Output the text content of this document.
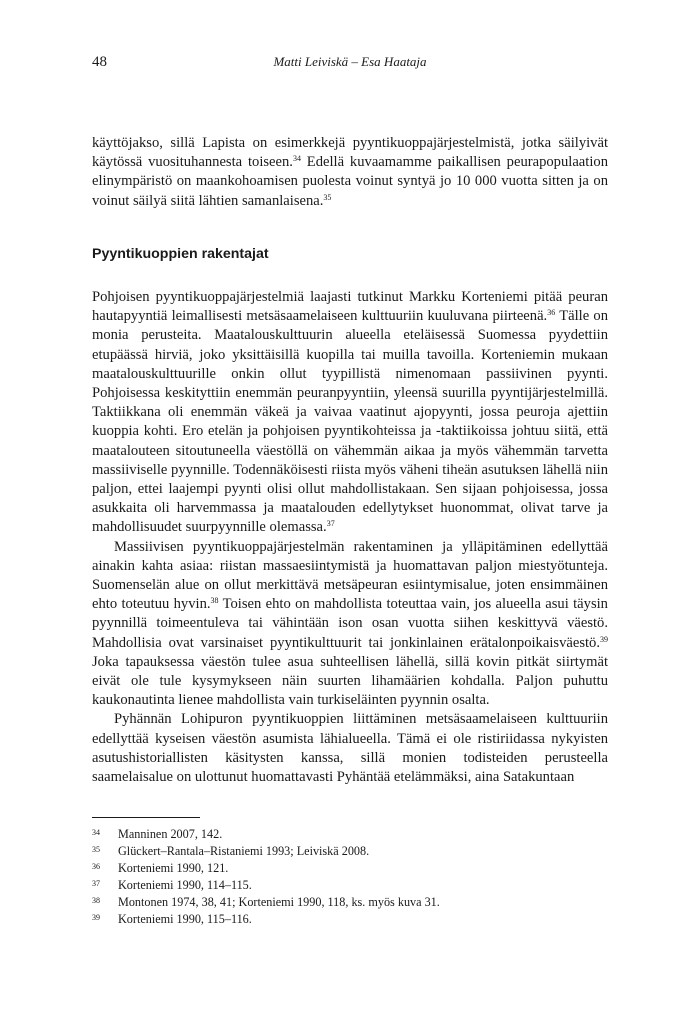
48	Matti Leiviskä – Esa Haataja

käyttöjakso, sillä Lapista on esimerkkejä pyyntikuoppajärjestelmistä, jotka säilyivät käytössä vuosituhannesta toiseen.$^{34}$ Edellä kuvaamamme paikallisen peurapopulaation elinympäristö on maankohoamisen puolesta voinut syntyä jo 10 000 vuotta sitten ja on voinut säilyä siitä lähtien samanlaisena.$^{35}$

Pyyntikuoppien rakentajat

Pohjoisen pyyntikuoppajärjestelmiä laajasti tutkinut Markku Korteniemi pitää peuran hautapyyntiä leimallisesti metsäsaamelaiseen kulttuuriin kuuluvana piirteenä.$^{36}$ Tälle on monia perusteita. Maatalouskulttuurin alueella eteläisessä Suomessa pyydettiin etupäässä hirviä, joko yksittäisillä kuopilla tai muilla tavoilla. Korteniemin mukaan maatalouskulttuurille onkin ollut tyypillistä nimenomaan passiivinen pyynti. Pohjoisessa keskityttiin enemmän peuranpyyntiin, yleensä suurilla pyyntijärjestelmillä. Taktiikkana oli enemmän väkeä ja vaivaa vaatinut ajopyynti, jossa peuroja ajettiin kuoppia kohti. Ero etelän ja pohjoisen pyyntikohteissa ja -taktiikoissa johtuu siitä, että maatalouteen sitoutuneella väestöllä on vähemmän aikaa ja myös vähemmän tarvetta massiiviselle pyynnille. Todennäköisesti riista myös väheni tiheän asutuksen lähellä niin paljon, ettei laajempi pyynti olisi ollut mahdollistakaan. Sen sijaan pohjoisessa, jossa asukkaita oli harvemmassa ja maatalouden edellytykset huonommat, olivat tarve ja mahdollisuudet suurpyynnille olemassa.$^{37}$

Massiivisen pyyntikuoppajärjestelmän rakentaminen ja ylläpitäminen edellyttää ainakin kahta asiaa: riistan massaesiintymistä ja huomattavan paljon miestyötunteja. Suomenselän alue on ollut merkittävä metsäpeuran esiintymisalue, joten ensimmäinen ehto toteutuu hyvin.$^{38}$ Toisen ehto on mahdollista toteuttaa vain, jos alueella asui täysin pyynnillä toimeentuleva tai vähintään ison osan vuotta siihen keskittyvä väestö. Mahdollisia ovat varsinaiset pyyntikulttuurit tai jonkinlainen erätalonpoikaisväestö.$^{39}$ Joka tapauksessa väestön tulee asua suhteellisen lähellä, sillä kovin pitkät siirtymät eivät ole tule kysymykseen näin suurten lihamäärien kohdalla. Paljon puhuttu kaukonautinta lienee mahdollista vain turkiseläinten pyynnin osalta.

Pyhännän Lohipuron pyyntikuoppien liittäminen metsäsaamelaiseen kulttuuriin edellyttää kyseisen väestön asumista lähialueella. Tämä ei ole ristiriidassa nykyisten asutushistoriallisten käsitysten kanssa, sillä monien todisteiden perusteella saamelaisalue on ulottunut huomattavasti Pyhäntää etelämmäksi, aina Satakuntaan

34	Manninen 2007, 142.
35	Glückert–Rantala–Ristaniemi 1993; Leiviskä 2008.
36	Korteniemi 1990, 121.
37	Korteniemi 1990, 114–115.
38	Montonen 1974, 38, 41; Korteniemi 1990, 118, ks. myös kuva 31.
39	Korteniemi 1990, 115–116.
